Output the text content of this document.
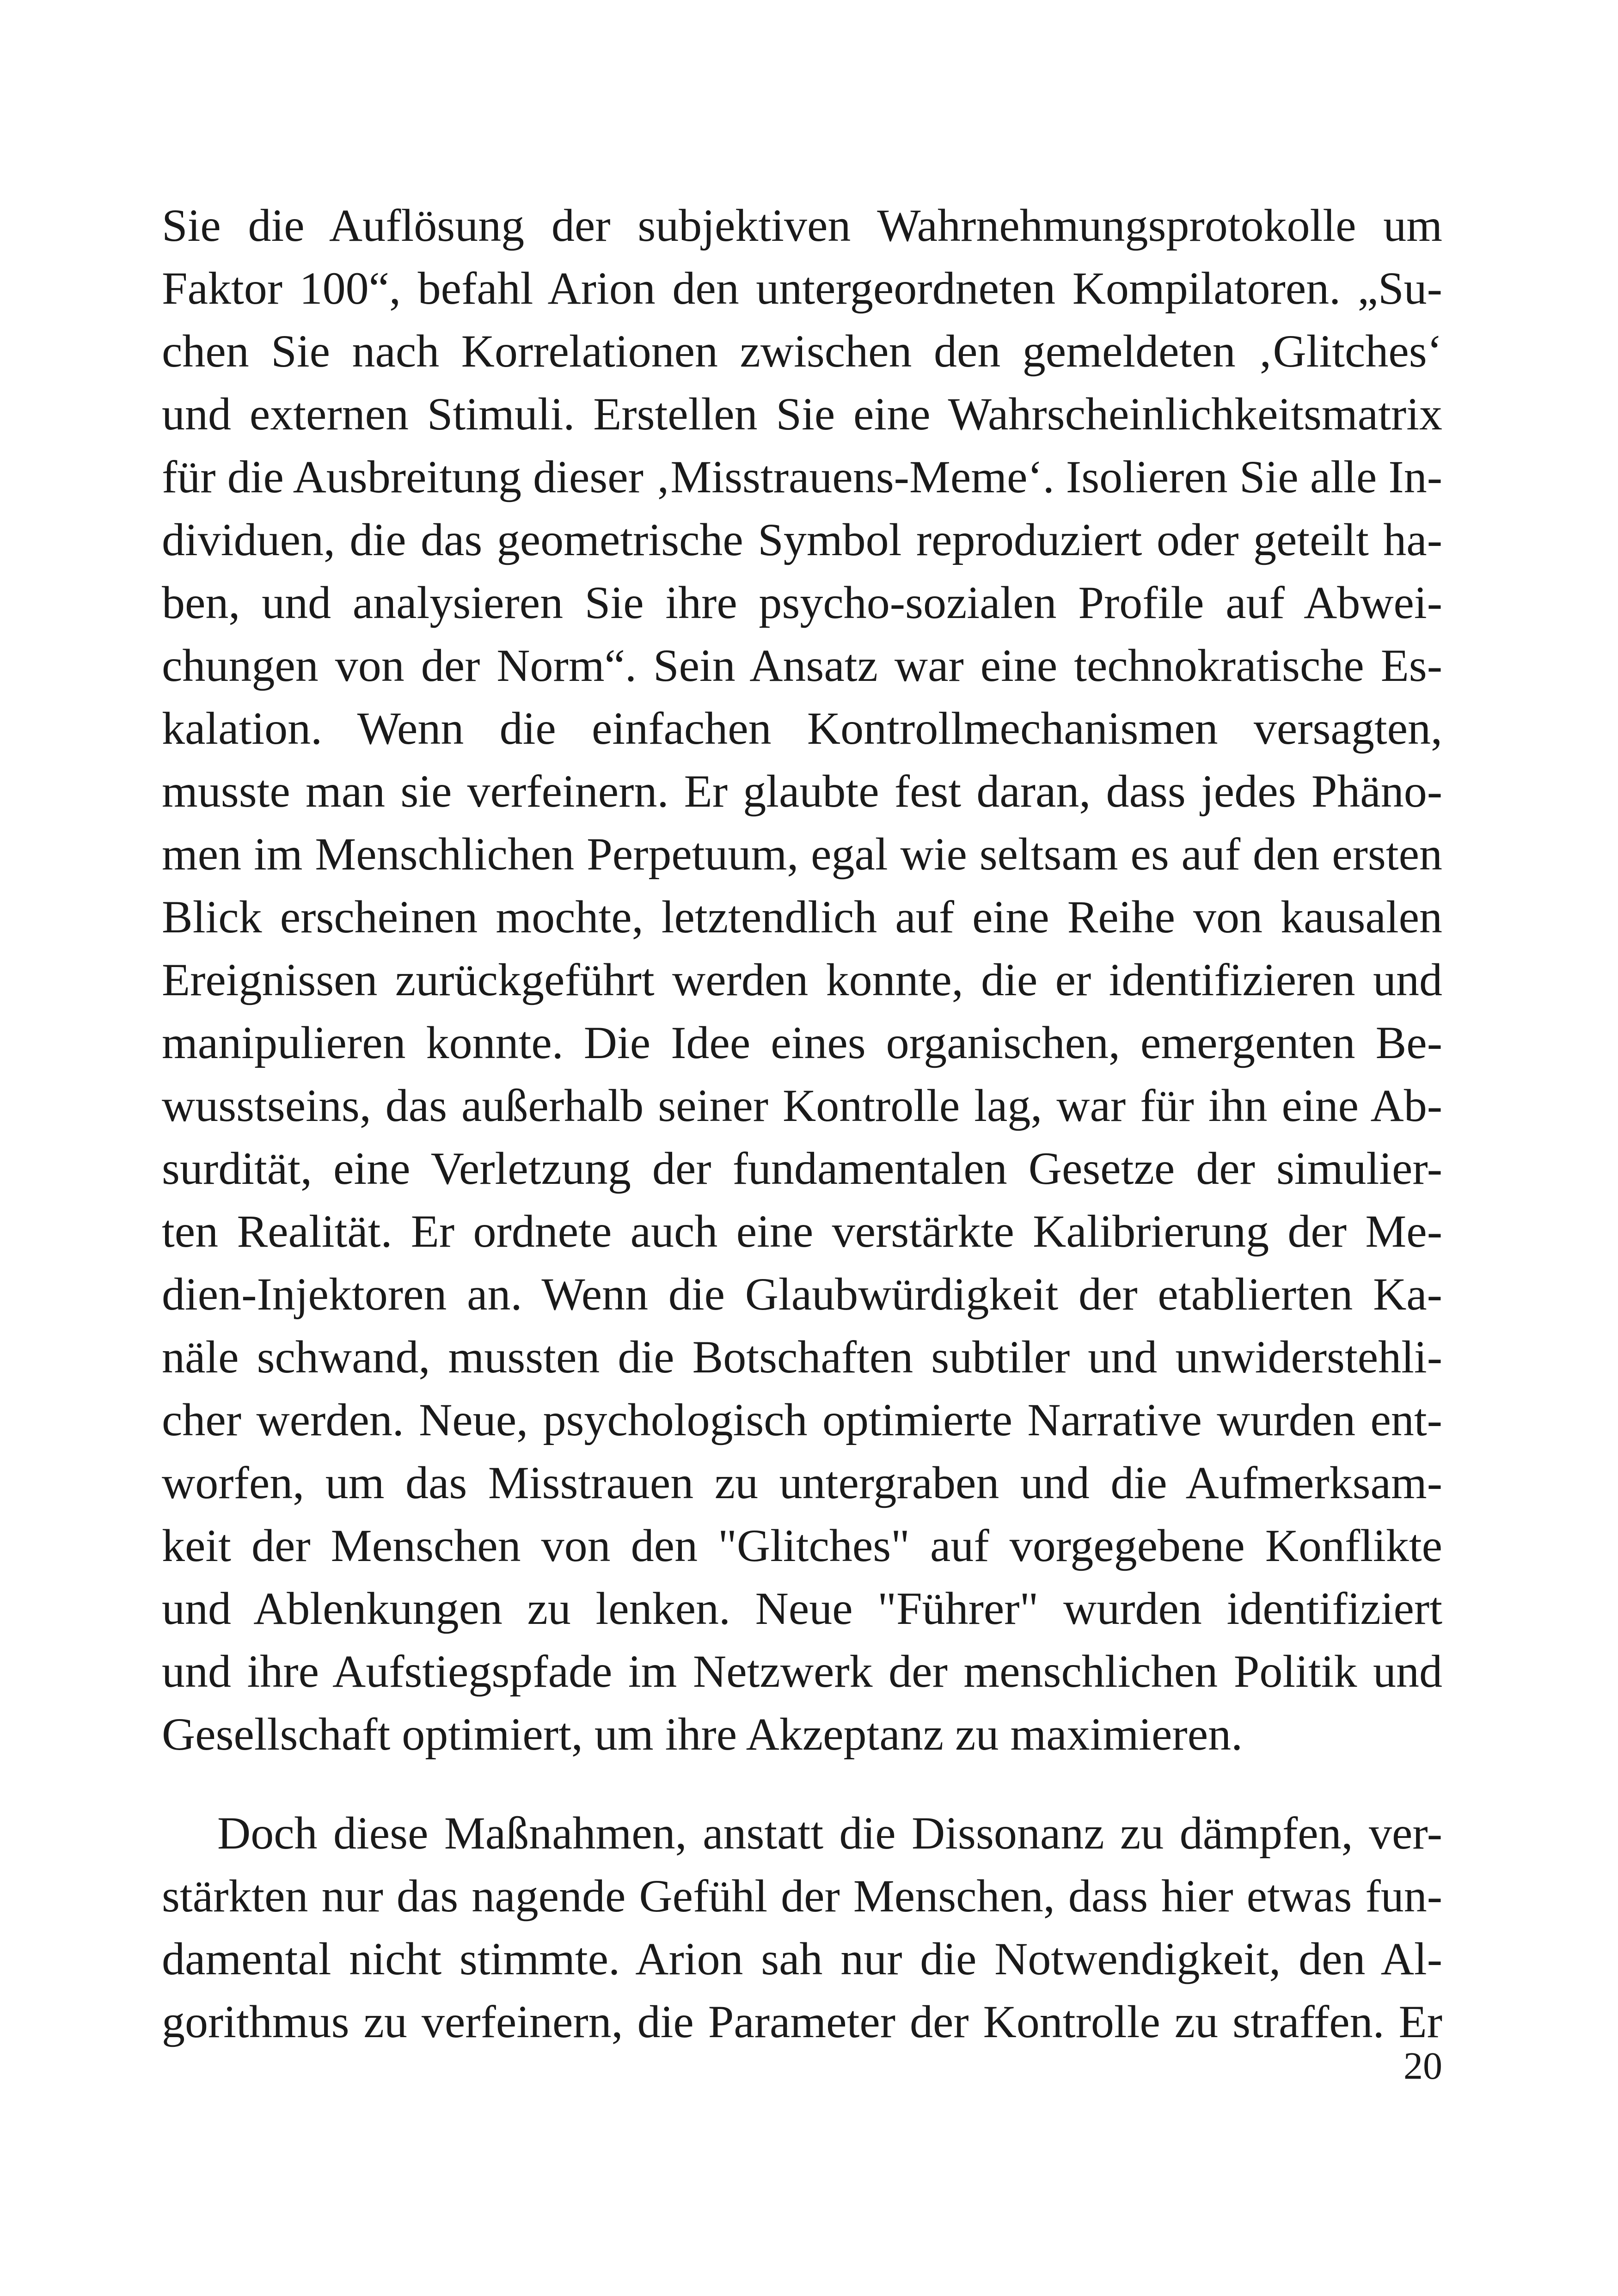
Sie die Auflösung der subjektiven Wahrnehmungsprotokolle um
Faktor 100“, befahl Arion den untergeordneten Kompilatoren. „Su-
chen Sie nach Korrelationen zwischen den gemeldeten ‚Glitches‘
und externen Stimuli. Erstellen Sie eine Wahrscheinlichkeitsmatrix
für die Ausbreitung dieser ‚Misstrauens-Meme‘. Isolieren Sie alle In-
dividuen, die das geometrische Symbol reproduziert oder geteilt ha-
ben, und analysieren Sie ihre psycho-sozialen Profile auf Abwei-
chungen von der Norm“. Sein Ansatz war eine technokratische Es-
kalation. Wenn die einfachen Kontrollmechanismen versagten,
musste man sie verfeinern. Er glaubte fest daran, dass jedes Phäno-
men im Menschlichen Perpetuum, egal wie seltsam es auf den ersten
Blick erscheinen mochte, letztendlich auf eine Reihe von kausalen
Ereignissen zurückgeführt werden konnte, die er identifizieren und
manipulieren konnte. Die Idee eines organischen, emergenten Be-
wusstseins, das außerhalb seiner Kontrolle lag, war für ihn eine Ab-
surdität, eine Verletzung der fundamentalen Gesetze der simulier-
ten Realität. Er ordnete auch eine verstärkte Kalibrierung der Me-
dien-Injektoren an. Wenn die Glaubwürdigkeit der etablierten Ka-
näle schwand, mussten die Botschaften subtiler und unwiderstehli-
cher werden. Neue, psychologisch optimierte Narrative wurden ent-
worfen, um das Misstrauen zu untergraben und die Aufmerksam-
keit der Menschen von den "Glitches" auf vorgegebene Konflikte
und Ablenkungen zu lenken. Neue "Führer" wurden identifiziert
und ihre Aufstiegspfade im Netzwerk der menschlichen Politik und
Gesellschaft optimiert, um ihre Akzeptanz zu maximieren.
Doch diese Maßnahmen, anstatt die Dissonanz zu dämpfen, ver-
stärkten nur das nagende Gefühl der Menschen, dass hier etwas fun-
damental nicht stimmte. Arion sah nur die Notwendigkeit, den Al-
gorithmus zu verfeinern, die Parameter der Kontrolle zu straffen. Er
20
